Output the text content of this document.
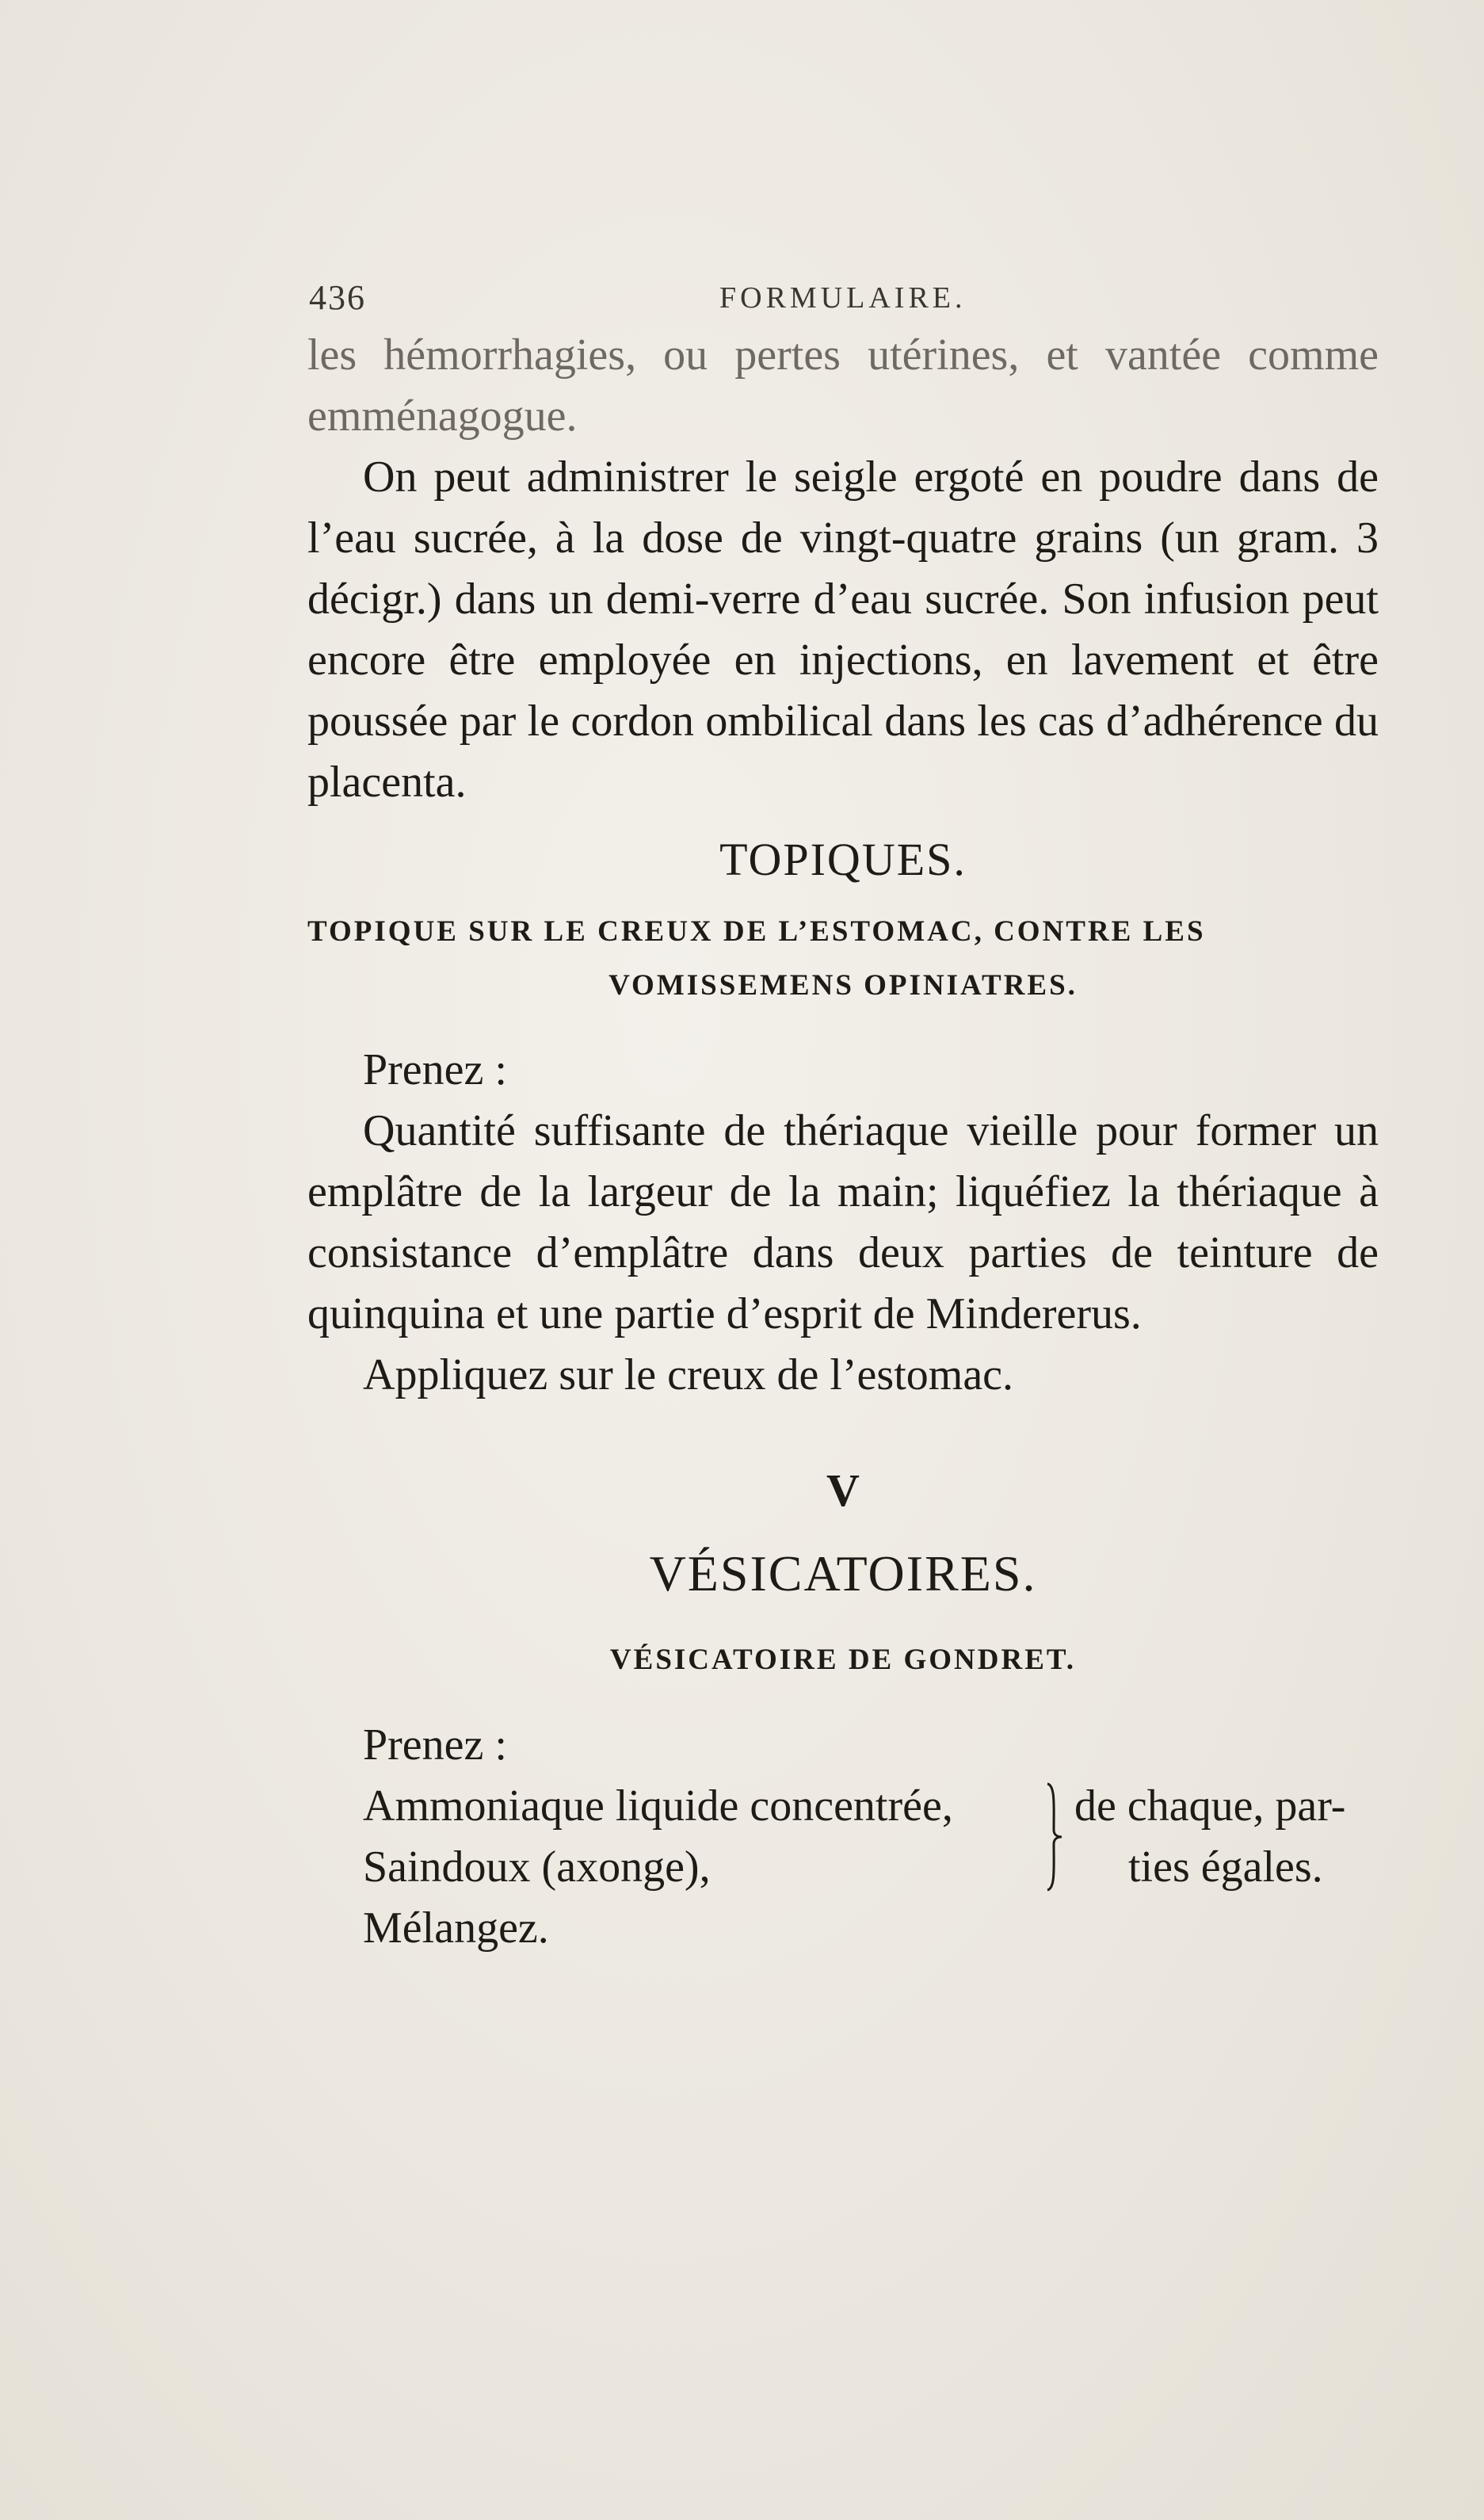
436	FORMULAIRE.

les hémorrhagies, ou pertes utérines, et vantée comme emménagogue.

On peut administrer le seigle ergoté en poudre dans de l’eau sucrée, à la dose de vingt-quatre grains (un gram. 3 décigr.) dans un demi-verre d’eau sucrée. Son infusion peut encore être employée en injections, en lavement et être poussée par le cordon ombilical dans les cas d’adhérence du placenta.

TOPIQUES.
TOPIQUE SUR LE CREUX DE L’ESTOMAC, CONTRE LES
VOMISSEMENS OPINIATRES.

Prenez :

Quantité suffisante de thériaque vieille pour former un emplâtre de la largeur de la main; liquéfiez la thériaque à consistance d’emplâtre dans deux parties de teinture de quinquina et une partie d’esprit de Mindererus.

Appliquez sur le creux de l’estomac.

V
VÉSICATOIRES.
VÉSICATOIRE DE GONDRET.

Prenez :

Ammoniaque liquide concentrée,
Saindoux (axonge),
de chaque, par-
ties égales.

Mélangez.
